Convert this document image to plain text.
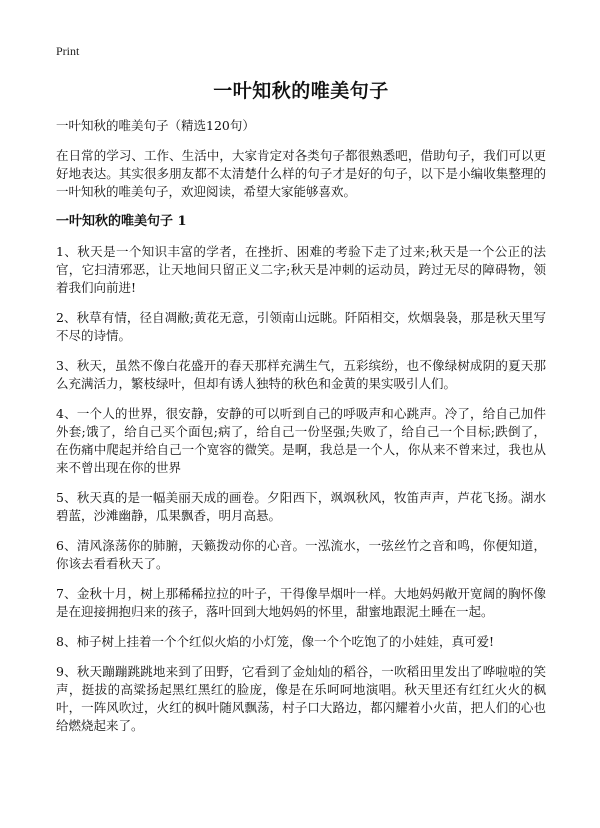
Print
一叶知秋的唯美句子
一叶知秋的唯美句子（精选120句）

在日常的学习、工作、生活中，大家肯定对各类句子都很熟悉吧，借助句子，我们可以更好地表达。其实很多朋友都不太清楚什么样的句子才是好的句子，以下是小编收集整理的一叶知秋的唯美句子，欢迎阅读，希望大家能够喜欢。

一叶知秋的唯美句子 1

1、秋天是一个知识丰富的学者，在挫折、困难的考验下走了过来;秋天是一个公正的法官，它扫清邪恶，让天地间只留正义二字;秋天是冲刺的运动员，跨过无尽的障碍物，领着我们向前进!

2、秋草有情，径自凋敝;黄花无意，引领南山远眺。阡陌相交，炊烟袅袅，那是秋天里写不尽的诗情。

3、秋天，虽然不像白花盛开的春天那样充满生气，五彩缤纷，也不像绿树成阴的夏天那么充满活力，繁枝绿叶，但却有诱人独特的秋色和金黄的果实吸引人们。

4、一个人的世界，很安静，安静的可以听到自己的呼吸声和心跳声。冷了，给自己加件外套;饿了，给自己买个面包;病了，给自己一份坚强;失败了，给自己一个目标;跌倒了，在伤痛中爬起并给自己一个宽容的微笑。是啊，我总是一个人，你从来不曾来过，我也从来不曾出现在你的世界

5、秋天真的是一幅美丽天成的画卷。夕阳西下，飒飒秋风，牧笛声声，芦花飞扬。湖水碧蓝，沙滩幽静，瓜果飘香，明月高悬。

6、清风涤荡你的肺腑，天籁拨动你的心音。一泓流水，一弦丝竹之音和鸣，你便知道，你该去看看秋天了。

7、金秋十月，树上那稀稀拉拉的叶子，干得像旱烟叶一样。大地妈妈敞开宽阔的胸怀像是在迎接拥抱归来的孩子，落叶回到大地妈妈的怀里，甜蜜地跟泥土睡在一起。

8、柿子树上挂着一个个红似火焰的小灯笼，像一个个吃饱了的小娃娃，真可爱!

9、秋天蹦蹦跳跳地来到了田野，它看到了金灿灿的稻谷，一吹稻田里发出了哗啦啦的笑声，挺拔的高粱扬起黑红黑红的脸庞，像是在乐呵呵地演唱。秋天里还有红红火火的枫叶，一阵风吹过，火红的枫叶随风飘荡，村子口大路边，都闪耀着小火苗，把人们的心也给燃烧起来了。
